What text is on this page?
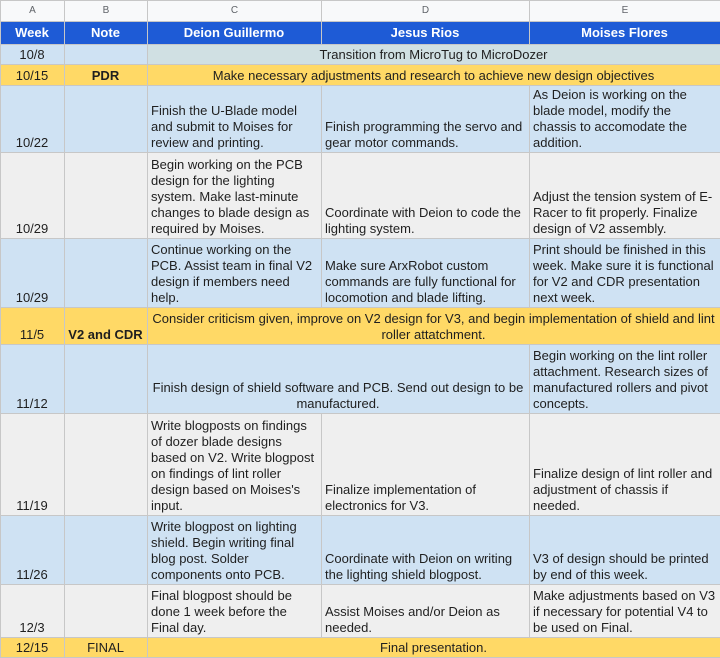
A	B	C	D	E
Week	Note	Deion Guillermo	Jesus Rios	Moises Flores
10/8		Transition from MicroTug to MicroDozer		
10/15	PDR	Make necessary adjustments and research to achieve new design objectives		
10/22		Finish the U-Blade model and submit to Moises for review and printing.	Finish programming the servo and gear motor commands.	As Deion is working on the blade model, modify the chassis to accomodate the addition.
10/29		Begin working on the PCB design for the lighting system. Make last-minute changes to blade design as required by Moises.	Coordinate with Deion to code the lighting system.	Adjust the tension system of E-Racer to fit properly. Finalize design of V2 assembly.
10/29		Continue working on the PCB. Assist team in final V2 design if members need help.	Make sure ArxRobot custom commands are fully functional for locomotion and blade lifting.	Print should be finished in this week. Make sure it is functional for V2 and CDR presentation next week.
11/5	V2 and CDR	Consider criticism given, improve on V2 design for V3, and begin implementation of shield and lint roller attatchment.		
11/12		Finish design of shield software and PCB. Send out design to be manufactured.		Begin working on the lint roller attachment. Research sizes of manufactured rollers and pivot concepts.
11/19		Write blogposts on findings of dozer blade designs based on V2. Write blogpost on findings of lint roller design based on Moises's input.	Finalize implementation of electronics for V3.	Finalize design of lint roller and adjustment of chassis if needed.
11/26		Write blogpost on lighting shield. Begin writing final blog post. Solder components onto PCB.	Coordinate with Deion on writing the lighting shield blogpost.	V3 of design should be printed by end of this week.
12/3		Final blogpost should be done 1 week before the Final day.	Assist Moises and/or Deion as needed.	Make adjustments based on V3 if necessary for potential V4 to be used on Final.
12/15	FINAL	Final presentation.		
